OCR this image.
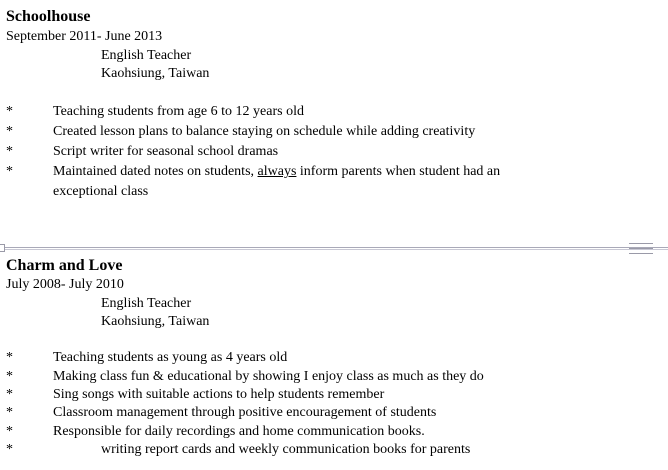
Schoolhouse
September 2011- June 2013
English Teacher
Kaohsiung, Taiwan
*	Teaching students from age 6 to 12 years old
*	Created lesson plans to balance staying on schedule while adding creativity
*	Script writer for seasonal school dramas
*	Maintained dated notes on students, always inform parents when student had an
exceptional class
Charm and Love
July 2008- July 2010
English Teacher
Kaohsiung, Taiwan
*	Teaching students as young as 4 years old
*	Making class fun & educational by showing I enjoy class as much as they do
*	Sing songs with suitable actions to help students remember
*	Classroom management through positive encouragement of students
*	Responsible for daily recordings and home communication books.
*	writing report cards and weekly communication books for parents
